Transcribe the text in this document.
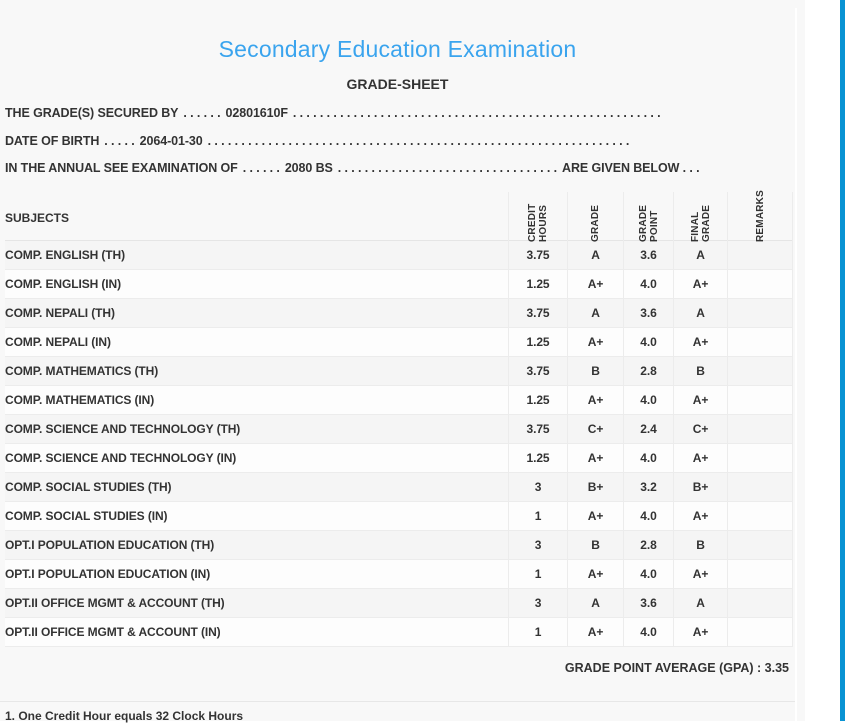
Secondary Education Examination
GRADE-SHEET
THE GRADE(S) SECURED BY . . . . . . 02801610F . . . . . . . . . . . . . . . . . . . . . . . . . . . . . . . . . . . . . . . . . . . . . . . . . . . . . . .
DATE OF BIRTH . . . . . 2064-01-30 . . . . . . . . . . . . . . . . . . . . . . . . . . . . . . . . . . . . . . . . . . . . . . . . . . . . . . . . . . . . . . .
IN THE ANNUAL SEE EXAMINATION OF . . . . . . 2080 BS . . . . . . . . . . . . . . . . . . . . . . . . . . . . . . . . . ARE GIVEN BELOW . . .
SUBJECTS	CREDIT HOURS	GRADE	GRADE POINT	FINAL GRADE	REMARKS
COMP. ENGLISH (TH)	3.75	A	3.6	A
COMP. ENGLISH (IN)	1.25	A+	4.0	A+
COMP. NEPALI (TH)	3.75	A	3.6	A
COMP. NEPALI (IN)	1.25	A+	4.0	A+
COMP. MATHEMATICS (TH)	3.75	B	2.8	B
COMP. MATHEMATICS (IN)	1.25	A+	4.0	A+
COMP. SCIENCE AND TECHNOLOGY (TH)	3.75	C+	2.4	C+
COMP. SCIENCE AND TECHNOLOGY (IN)	1.25	A+	4.0	A+
COMP. SOCIAL STUDIES (TH)	3	B+	3.2	B+
COMP. SOCIAL STUDIES (IN)	1	A+	4.0	A+
OPT.I POPULATION EDUCATION (TH)	3	B	2.8	B
OPT.I POPULATION EDUCATION (IN)	1	A+	4.0	A+
OPT.II OFFICE MGMT & ACCOUNT (TH)	3	A	3.6	A
OPT.II OFFICE MGMT & ACCOUNT (IN)	1	A+	4.0	A+
GRADE POINT AVERAGE (GPA) : 3.35
1. One Credit Hour equals 32 Clock Hours
